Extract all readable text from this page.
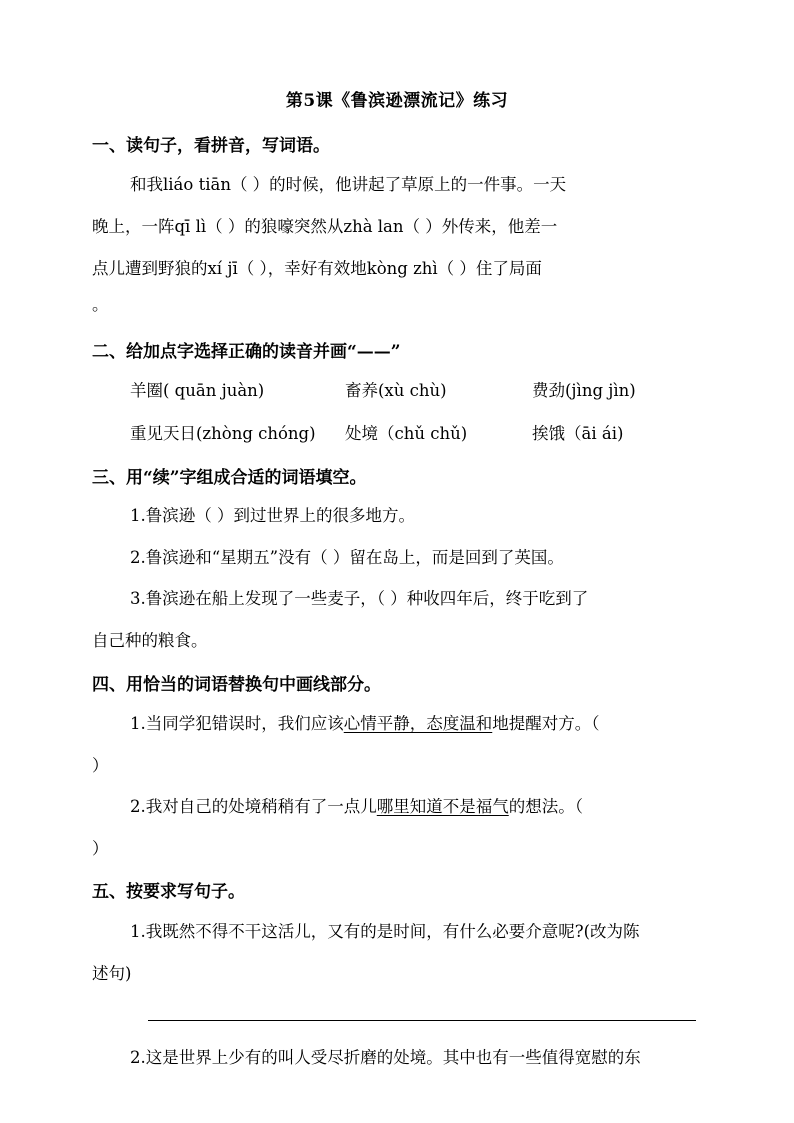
第5课《鲁滨逊漂流记》练习
一、读句子，看拼音，写词语。
和我liáo tiān（ ）的时候，他讲起了草原上的一件事。一天
晚上，一阵qī lì（ ）的狼嚎突然从zhà lan（ ）外传来，他差一
点儿遭到野狼的xí jī（ ），幸好有效地kòng zhì（ ）住了局面
。
二、给加点字选择正确的读音并画“——”
羊圈( quān juàn)	畜养(xù chù)	费劲(jìng jìn)
重见天日(zhòng chóng) 处境（chǔ chǔ)	挨饿（āi ái)
三、用“续”字组成合适的词语填空。
1.鲁滨逊（ ）到过世界上的很多地方。
2.鲁滨逊和“星期五”没有（ ）留在岛上，而是回到了英国。
3.鲁滨逊在船上发现了一些麦子，（ ）种收四年后，终于吃到了
自己种的粮食。
四、用恰当的词语替换句中画线部分。
1.当同学犯错误时，我们应该心情平静，态度温和地提醒对方。（
）
2.我对自己的处境稍稍有了一点儿哪里知道不是福气的想法。（
）
五、按要求写句子。
1.我既然不得不干这活儿，又有的是时间，有什么必要介意呢?(改为陈
述句)
2.这是世界上少有的叫人受尽折磨的处境。其中也有一些值得宽慰的东
